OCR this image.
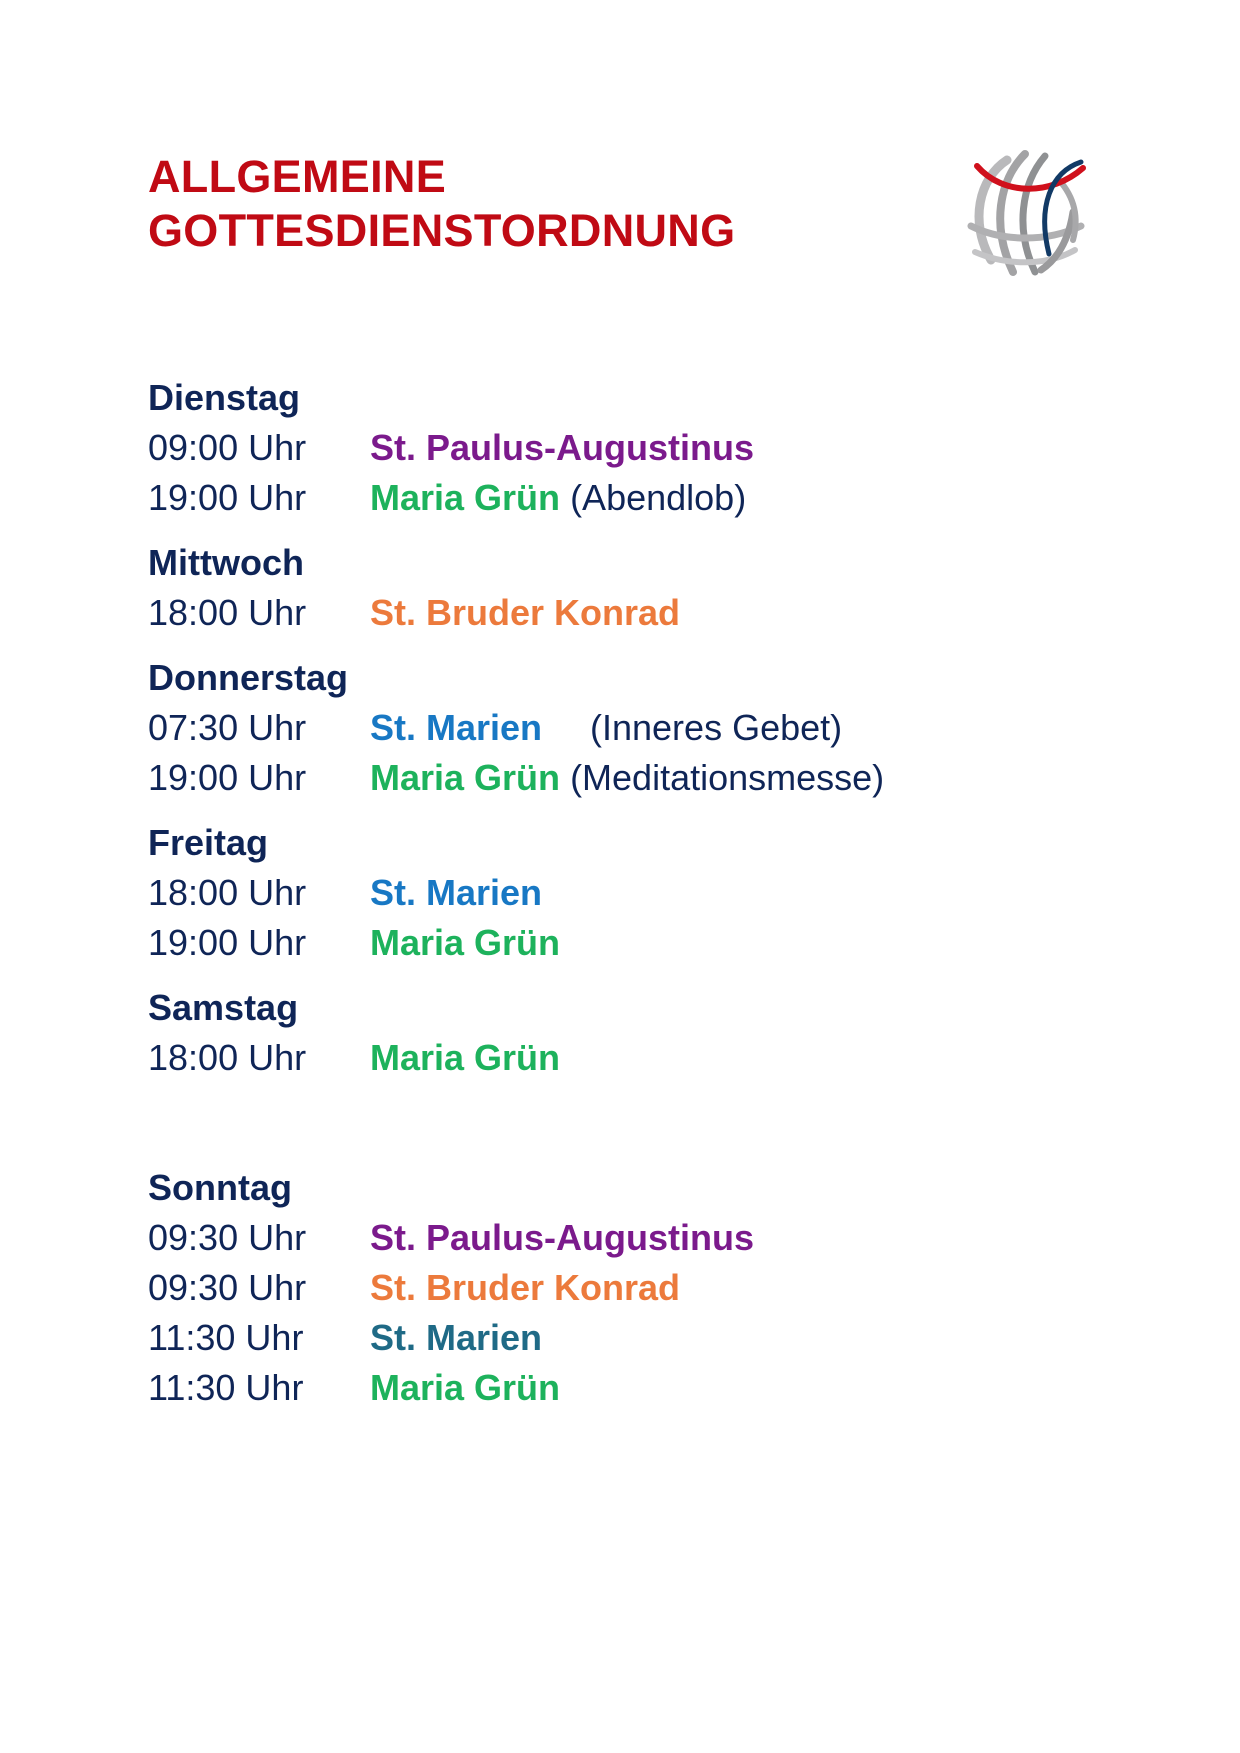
ALLGEMEINE
GOTTESDIENSTORDNUNG

Dienstag

09:00 Uhr St. Paulus-Augustinus

19:00 Uhr Maria Grün (Abendlob)

Mittwoch

18:00 Uhr St. Bruder Konrad

Donnerstag

07:30 Uhr St. Marien (Inneres Gebet)

19:00 Uhr Maria Grün (Meditationsmesse)

Freitag

18:00 Uhr St. Marien

19:00 Uhr Maria Grün

Samstag

18:00 Uhr Maria Grün

Sonntag

09:30 Uhr St. Paulus-Augustinus

09:30 Uhr St. Bruder Konrad

11:30 Uhr St. Marien

11:30 Uhr Maria Grün
